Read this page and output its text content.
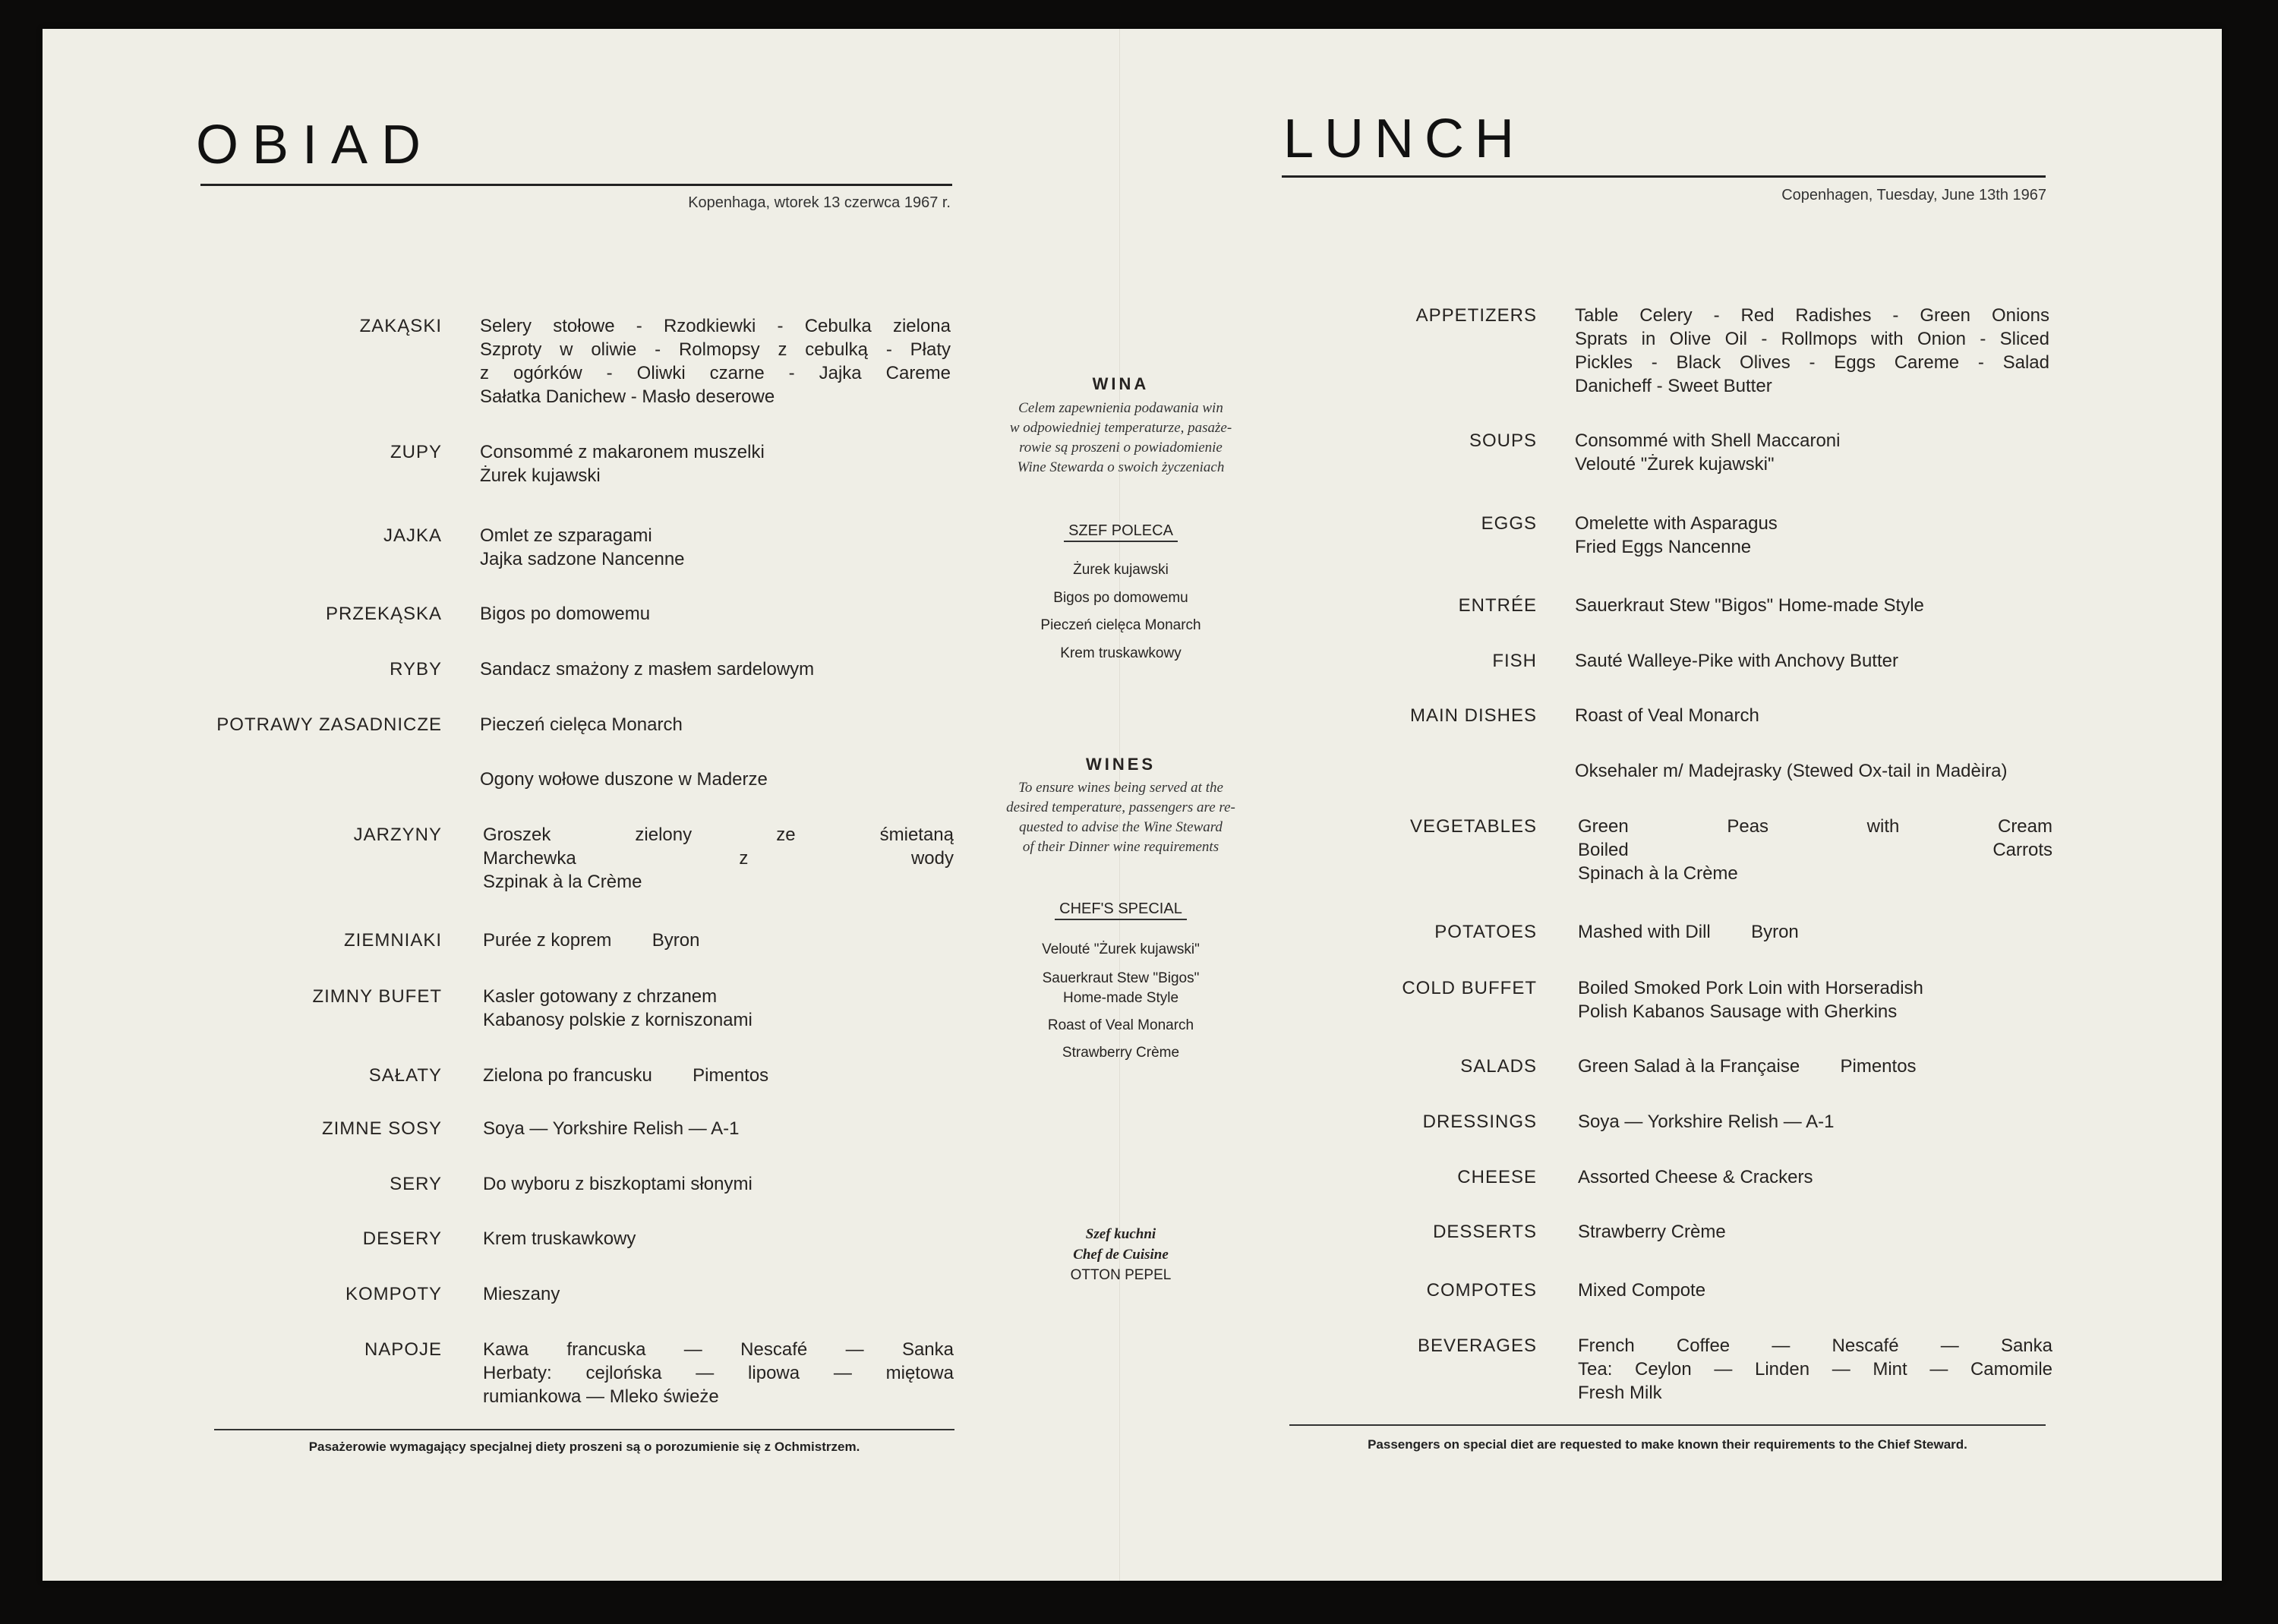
OBIAD
Kopenhaga, wtorek 13 czerwca 1967 r.
ZAKĄSKI Selery stołowe - Rzodkiewki - Cebulka zielona
Szproty w oliwie - Rolmopsy z cebulką - Płaty
z ogórków - Oliwki czarne - Jajka Careme
Sałatka Danichew - Masło deserowe
ZUPY Consommé z makaronem muszelki
Żurek kujawski
JAJKA Omlet ze szparagami
Jajka sadzone Nancenne
PRZEKĄSKA Bigos po domowemu
RYBY Sandacz smażony z masłem sardelowym
POTRAWY ZASADNICZE Pieczeń cielęca Monarch
Ogony wołowe duszone w Maderze
JARZYNY Groszek zielony ze śmietaną
Marchewka z wody
Szpinak à la Crème
ZIEMNIAKI Purée z koprem        Byron
ZIMNY BUFET Kasler gotowany z chrzanem
Kabanosy polskie z korniszonami
SAŁATY Zielona po francusku        Pimentos
ZIMNE SOSY Soya — Yorkshire Relish — A-1
SERY Do wyboru z biszkoptami słonymi
DESERY Krem truskawkowy
KOMPOTY Mieszany
NAPOJE Kawa francuska — Nescafé — Sanka
Herbaty: cejlońska — lipowa — miętowa
rumiankowa — Mleko świeże
Pasażerowie wymagający specjalnej diety proszeni są o porozumienie się z Ochmistrzem.
LUNCH
Copenhagen, Tuesday, June 13th 1967
APPETIZERS Table Celery - Red Radishes - Green Onions
Sprats in Olive Oil - Rollmops with Onion - Sliced
Pickles - Black Olives - Eggs Careme - Salad
Danicheff - Sweet Butter
SOUPS Consommé with Shell Maccaroni
Velouté "Żurek kujawski"
EGGS Omelette with Asparagus
Fried Eggs Nancenne
ENTRÉE Sauerkraut Stew "Bigos" Home-made Style
FISH Sauté Walleye-Pike with Anchovy Butter
MAIN DISHES Roast of Veal Monarch
Oksehaler m/ Madejrasky (Stewed Ox-tail in Madèira)
VEGETABLES Green Peas with Cream
Boiled Carrots
Spinach à la Crème
POTATOES Mashed with Dill        Byron
COLD BUFFET Boiled Smoked Pork Loin with Horseradish
Polish Kabanos Sausage with Gherkins
SALADS Green Salad à la Française        Pimentos
DRESSINGS Soya — Yorkshire Relish — A-1
CHEESE Assorted Cheese & Crackers
DESSERTS Strawberry Crème
COMPOTES Mixed Compote
BEVERAGES French Coffee — Nescafé — Sanka
Tea: Ceylon — Linden — Mint — Camomile
Fresh Milk
Passengers on special diet are requested to make known their requirements to the Chief Steward.
WINA
Celem zapewnienia podawania win
w odpowiedniej temperaturze, pasaże-
rowie są proszeni o powiadomienie
Wine Stewarda o swoich życzeniach
SZEF POLECA
Żurek kujawski
Bigos po domowemu
Pieczeń cielęca Monarch
Krem truskawkowy
WINES
To ensure wines being served at the
desired temperature, passengers are re-
quested to advise the Wine Steward
of their Dinner wine requirements
CHEF'S SPECIAL
Velouté "Żurek kujawski"
Sauerkraut Stew "Bigos"
Home-made Style
Roast of Veal Monarch
Strawberry Crème
Szef kuchni
Chef de Cuisine
OTTON PEPEL
